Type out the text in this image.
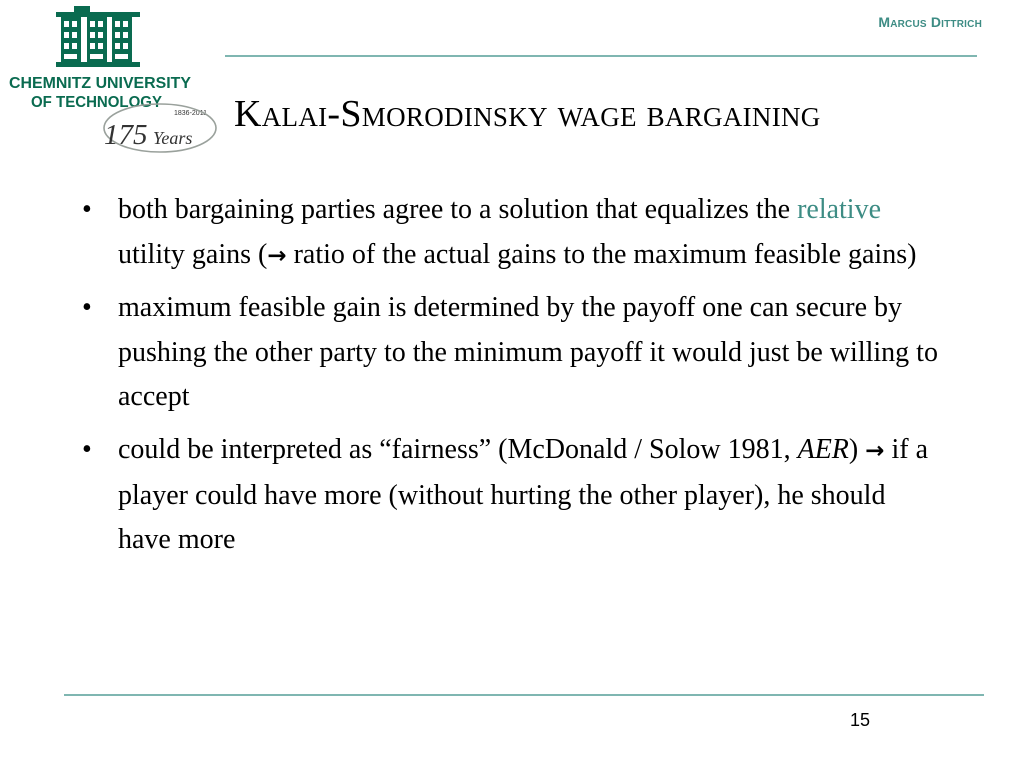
CHEMNITZ UNIVERSITY
OF TECHNOLOGY
1836-2011
175 Years
Marcus Dittrich
Kalai-Smorodinsky wage bargaining
• both bargaining parties agree to a solution that equalizes the relative utility gains (→ ratio of the actual gains to the maximum feasible gains)
• maximum feasible gain is determined by the payoff one can secure by pushing the other party to the minimum payoff it would just be willing to accept
• could be interpreted as “fairness” (McDonald / Solow 1981, AER) → if a player could have more (without hurting the other player), he should have more
15
